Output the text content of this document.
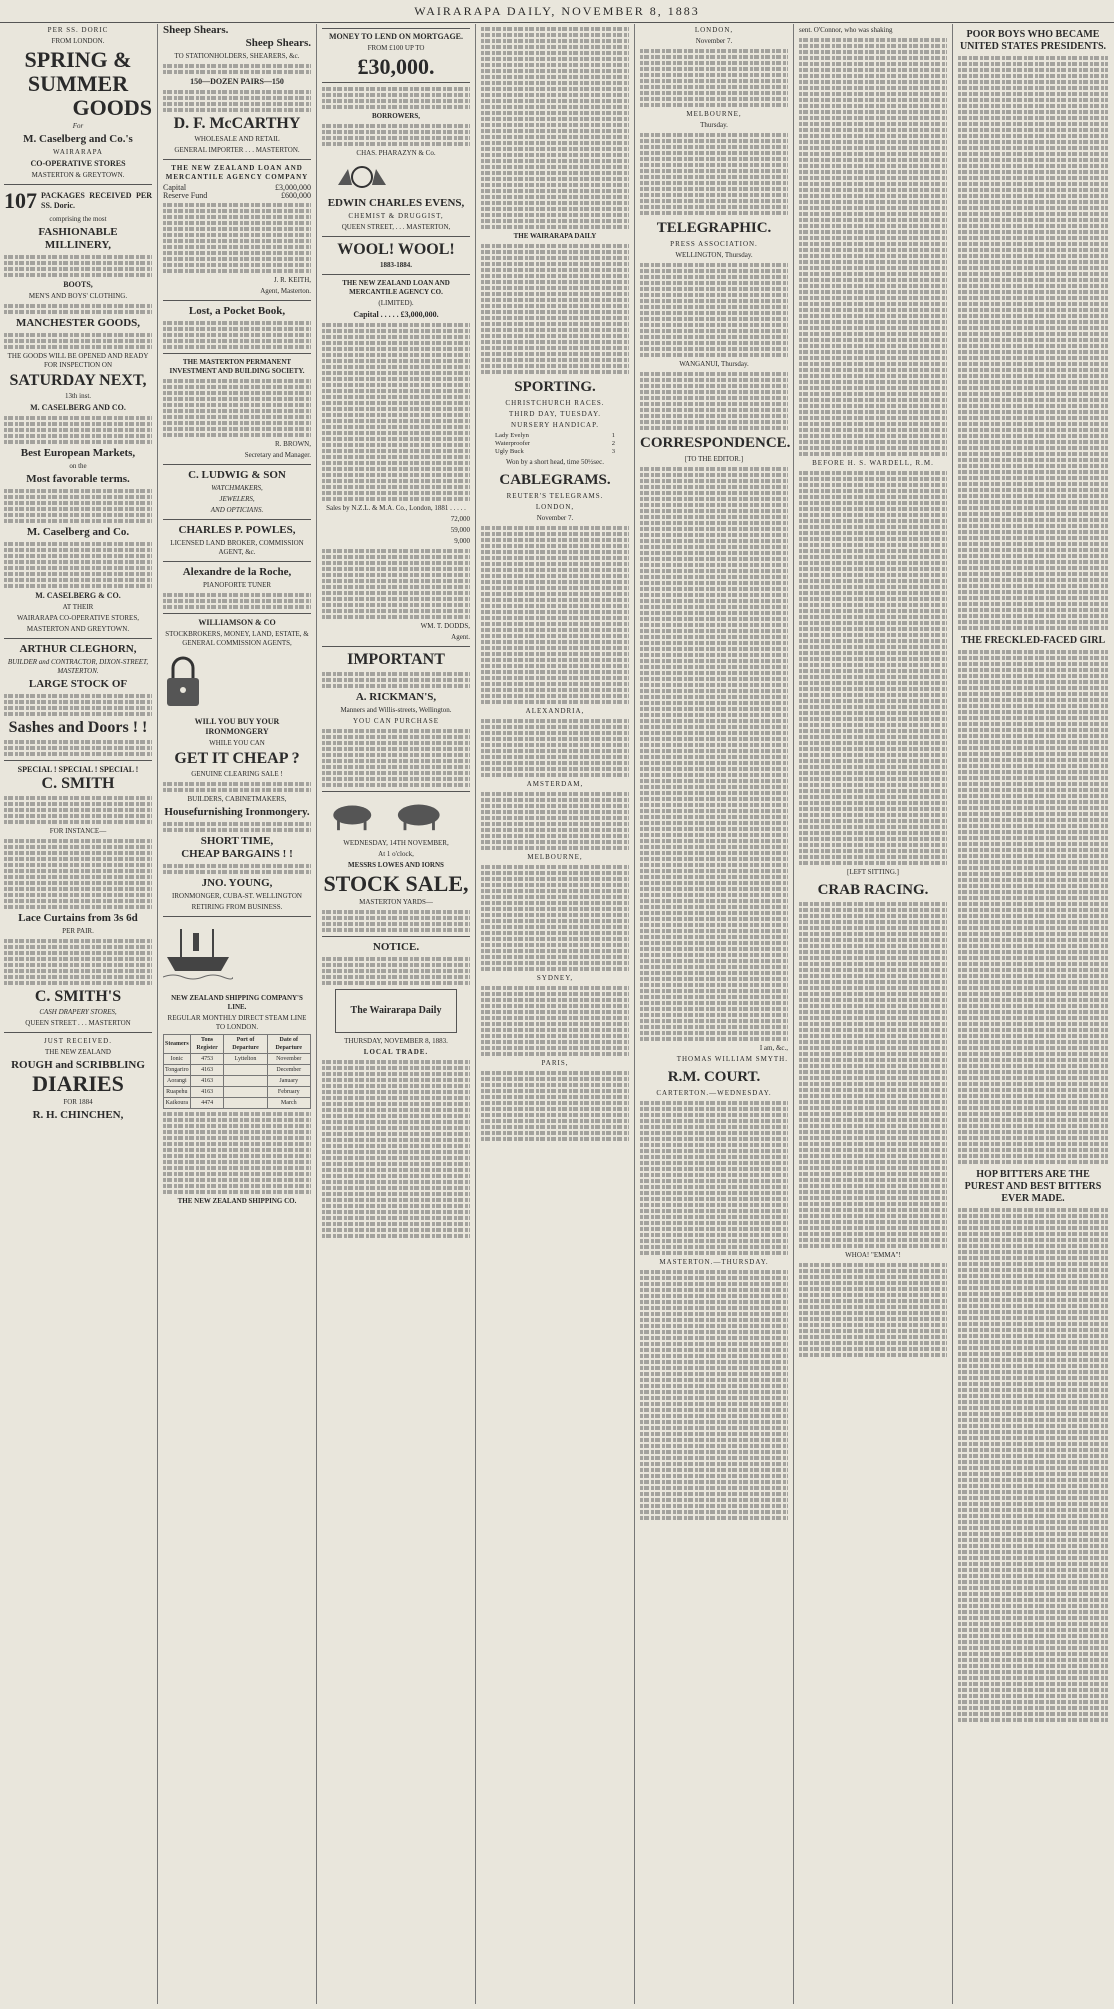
WAIRARAPA DAILY, NOVEMBER 8, 1883
PER SS. DORIC
FROM LONDON.
SPRING &
SUMMER
GOODS
For
M. Caselberg and Co.'s
WAIRARAPA
CO-OPERATIVE STORES
MASTERTON & GREYTOWN.
107 PACKAGES RECEIVED PER SS. Doric.
comprising the most
FASHIONABLE
MILLINERY,
BOOTS,
MEN'S AND BOYS' CLOTHING.
MANCHESTER GOODS,
THE GOODS WILL BE OPENED AND READY FOR INSPECTION ON
SATURDAY NEXT,
13th inst.
M. CASELBERG AND CO.
Best European Markets,
on the
Most favorable terms.
M. Caselberg and Co.
M. CASELBERG & CO.
AT THEIR
WAIRARAPA CO-OPERATIVE STORES,
MASTERTON AND GREYTOWN.
ARTHUR CLEGHORN,
BUILDER and CONTRACTOR, DIXON-STREET, MASTERTON.
LARGE STOCK OF
Sashes and Doors ! !
SPECIAL ! SPECIAL ! SPECIAL !
C. SMITH
FOR INSTANCE—
Lace Curtains from 3s 6d
PER PAIR.
C. SMITH'S
CASH DRAPERY STORES,
QUEEN STREET . . . MASTERTON
JUST RECEIVED.
THE NEW ZEALAND
ROUGH and SCRIBBLING
DIARIES
FOR 1884
R. H. CHINCHEN,
Sheep Shears.
Sheep Shears.
TO STATIONHOLDERS, SHEARERS, &c.
150—DOZEN PAIRS—150
D. F. McCARTHY
WHOLESALE AND RETAIL
GENERAL IMPORTER . . . MASTERTON.
THE NEW ZEALAND LOAN AND MERCANTILE AGENCY COMPANY
Capital	£3,000,000
Reserve Fund	£600,000
J. R. KEITH,
Agent, Masterton.
Lost, a Pocket Book,
THE MASTERTON PERMANENT INVESTMENT AND BUILDING SOCIETY.
R. BROWN,
Secretary and Manager.
C. LUDWIG & SON
WATCHMAKERS,
JEWELERS,
AND OPTICIANS.
CHARLES P. POWLES,
LICENSED LAND BROKER, COMMISSION AGENT, &c.
Alexandre de la Roche,
PIANOFORTE TUNER
WILLIAMSON & CO
STOCKBROKERS, MONEY, LAND, ESTATE, & GENERAL COMMISSION AGENTS,
WILL YOU BUY YOUR IRONMONGERY
WHILE YOU CAN
GET IT CHEAP ?
GENUINE CLEARING SALE !
BUILDERS, CABINETMAKERS,
Housefurnishing Ironmongery.
SHORT TIME,
CHEAP BARGAINS ! !
JNO. YOUNG,
IRONMONGER, CUBA-ST. WELLINGTON
RETIRING FROM BUSINESS.
NEW ZEALAND SHIPPING COMPANY'S LINE.
REGULAR MONTHLY DIRECT STEAM LINE TO LONDON.
Steamers	Tons Register	Port of Departure	Date of Departure
Ionic	4753	Lyttelton	November
Tongariro	4163		December
Aorangi	4163		January
Ruapehu	4163		February
Kaikoura	4474		March
THE NEW ZEALAND SHIPPING CO.
MONEY TO LEND ON MORTGAGE.
FROM £100 UP TO
£30,000.
BORROWERS,
CHAS. PHARAZYN & Co.
EDWIN CHARLES EVENS,
CHEMIST & DRUGGIST,
QUEEN STREET, . . . MASTERTON,
WOOL! WOOL!
1883-1884.
THE NEW ZEALAND LOAN AND MERCANTILE AGENCY CO.
(LIMITED).
Capital . . . . . £3,000,000.
Sales by N.Z.L. & M.A. Co., London, 1881 . . . . .
72,000
59,000
9,000
WM. T. DODDS,
Agent.
IMPORTANT
A. RICKMAN'S,
Manners and Willis-streets, Wellington.
YOU CAN PURCHASE
WEDNESDAY, 14TH NOVEMBER,
At 1 o'clock,
MESSRS LOWES AND IORNS
STOCK SALE,
MASTERTON YARDS—
NOTICE.
The Wairarapa Daily
THURSDAY, NOVEMBER 8, 1883.
LOCAL TRADE.
THE WAIRARAPA DAILY
SPORTING.
CHRISTCHURCH RACES.
THIRD DAY, TUESDAY.
NURSERY HANDICAP.
Lady Evelyn	1
Waterproofer	2
Ugly Buck	3
Won by a short head, time 50½sec.
CABLEGRAMS.
REUTER'S TELEGRAMS.
LONDON,
November 7.
ALEXANDRIA,
AMSTERDAM,
MELBOURNE,
SYDNEY,
PARIS,
LONDON,
November 7.
MELBOURNE,
Thursday.
TELEGRAPHIC.
PRESS ASSOCIATION.
WELLINGTON, Thursday.
WANGANUI, Thursday.
CORRESPONDENCE.
[TO THE EDITOR.]
I am, &c.,
THOMAS WILLIAM SMYTH.
R.M. COURT.
CARTERTON.—WEDNESDAY.
MASTERTON.—THURSDAY.
sent. O'Connor, who was shaking
BEFORE H. S. WARDELL, R.M.
[LEFT SITTING.]
CRAB RACING.
WHOA! "EMMA"!
POOR BOYS WHO BECAME UNITED STATES PRESIDENTS.
THE FRECKLED-FACED GIRL
HOP BITTERS ARE THE PUREST AND BEST BITTERS EVER MADE.
